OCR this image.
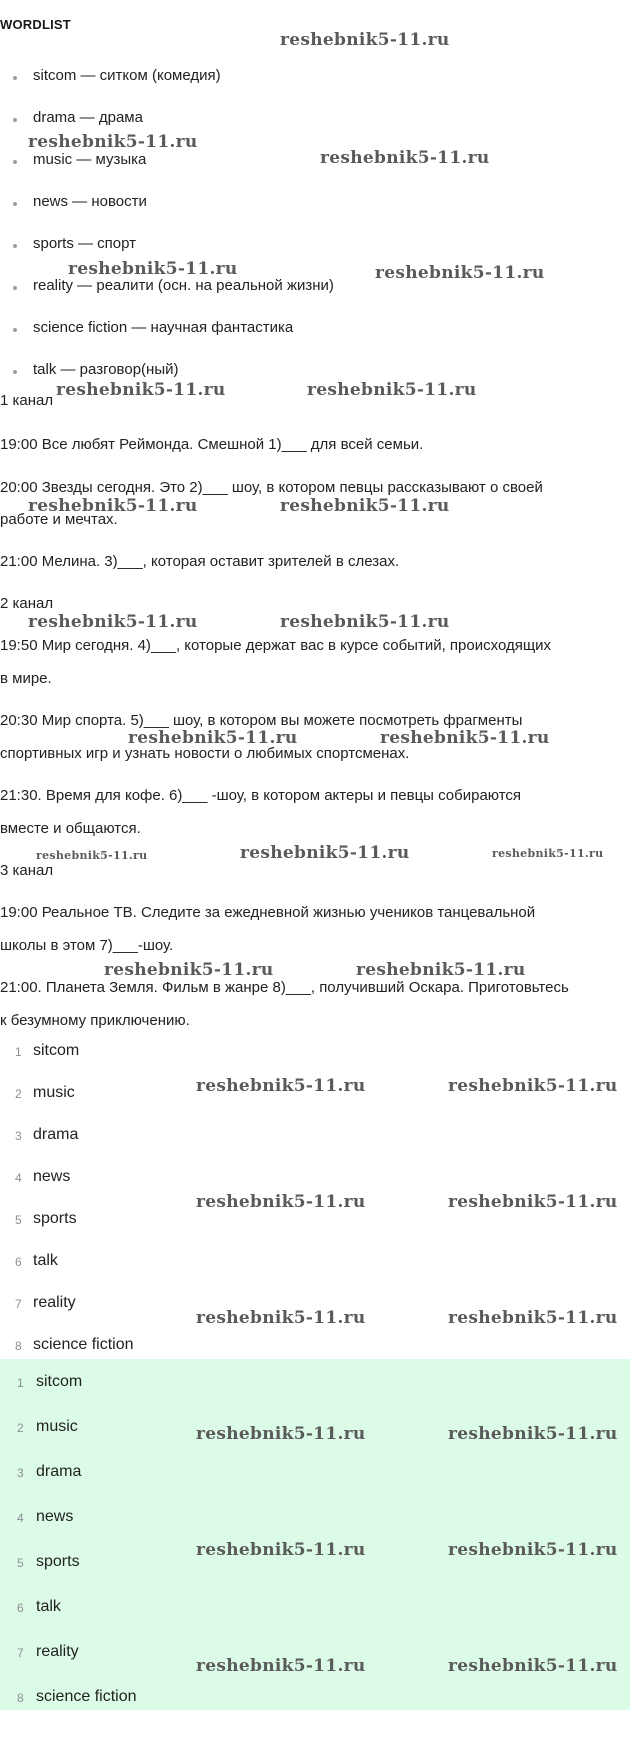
WORDLIST
sitcom — ситком (комедия)
drama — драма
music — музыка
news — новости
sports — спорт
reality — реалити (осн. на реальной жизни)
science fiction — научная фантастика
talk — разговор(ный)
1 канал
19:00 Все любят Реймонда. Смешной 1)___ для всей семьи.
20:00 Звезды сегодня. Это 2)___ шоу, в котором певцы рассказывают о своей
работе и мечтах.
21:00 Мелина. 3)___, которая оставит зрителей в слезах.
2 канал
19:50 Мир сегодня. 4)___, которые держат вас в курсе событий, происходящих
в мире.
20:30 Мир спорта. 5)___ шоу, в котором вы можете посмотреть фрагменты
спортивных игр и узнать новости о любимых спортсменах.
21:30. Время для кофе. 6)___ -шоу, в котором актеры и певцы собираются
вместе и общаются.
3 канал
19:00 Реальное ТВ. Следите за ежедневной жизнью учеников танцевальной
школы в этом 7)___-шоу.
21:00. Планета Земля. Фильм в жанре 8)___, получивший Оскара. Приготовьтесь
к безумному приключению.
1 sitcom
2 music
3 drama
4 news
5 sports
6 talk
7 reality
8 science fiction
1 sitcom
2 music
3 drama
4 news
5 sports
6 talk
7 reality
8 science fiction
reshebnik5-11.ru
reshebnik5-11.ru
reshebnik5-11.ru
reshebnik5-11.ru	reshebnik5-11.ru
reshebnik5-11.ru	reshebnik5-11.ru
reshebnik5-11.ru	reshebnik5-11.ru
reshebnik5-11.ru	reshebnik5-11.ru
reshebnik5-11.ru	reshebnik5-11.ru
reshebnik5-11.ru	reshebnik5-11.ru	reshebnik5-11.ru
reshebnik5-11.ru	reshebnik5-11.ru
reshebnik5-11.ru	reshebnik5-11.ru
reshebnik5-11.ru	reshebnik5-11.ru
reshebnik5-11.ru	reshebnik5-11.ru
reshebnik5-11.ru	reshebnik5-11.ru
reshebnik5-11.ru	reshebnik5-11.ru
reshebnik5-11.ru	reshebnik5-11.ru
